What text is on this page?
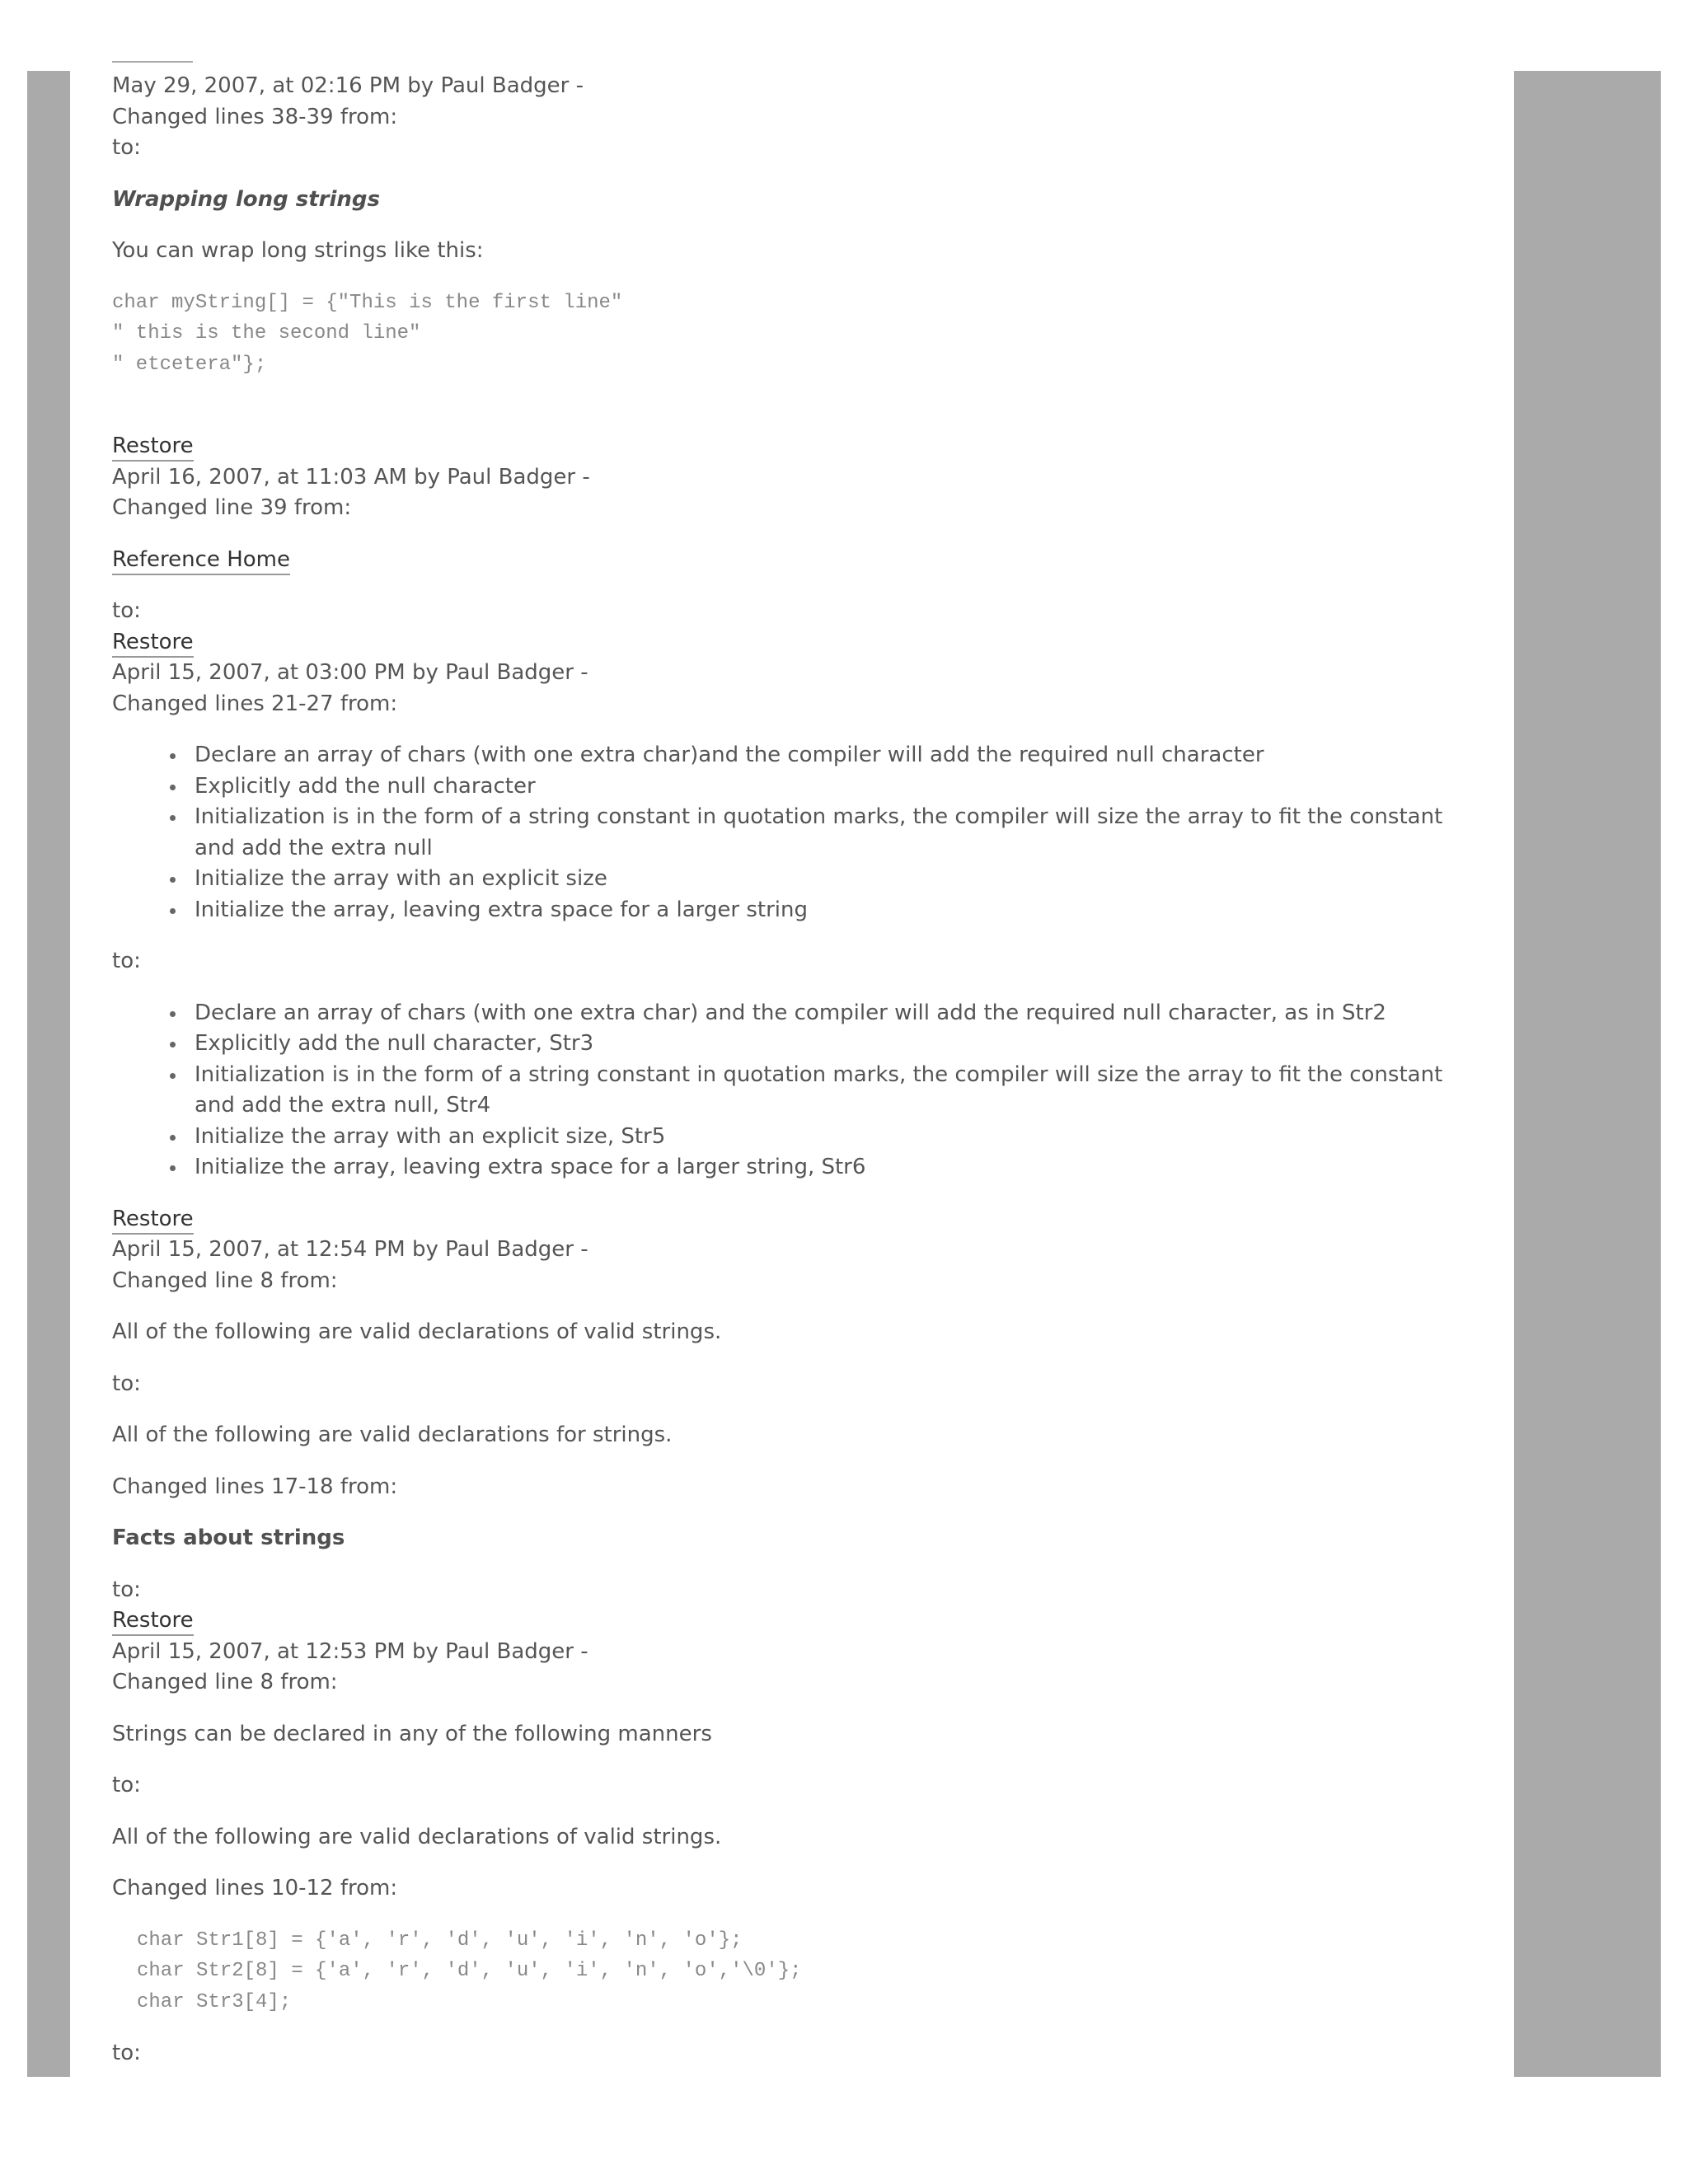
May 29, 2007, at 02:16 PM by Paul Badger -
Changed lines 38-39 from:
to:
Wrapping long strings
You can wrap long strings like this:
char myString[] = {"This is the first line"
" this is the second line"
" etcetera"};
Restore
April 16, 2007, at 11:03 AM by Paul Badger -
Changed line 39 from:
Reference Home
to:
Restore
April 15, 2007, at 03:00 PM by Paul Badger -
Changed lines 21-27 from:
Declare an array of chars (with one extra char)and the compiler will add the required null character
Explicitly add the null character
Initialization is in the form of a string constant in quotation marks, the compiler will size the array to fit the constant and add the extra null
Initialize the array with an explicit size
Initialize the array, leaving extra space for a larger string
to:
Declare an array of chars (with one extra char) and the compiler will add the required null character, as in Str2
Explicitly add the null character, Str3
Initialization is in the form of a string constant in quotation marks, the compiler will size the array to fit the constant and add the extra null, Str4
Initialize the array with an explicit size, Str5
Initialize the array, leaving extra space for a larger string, Str6
Restore
April 15, 2007, at 12:54 PM by Paul Badger -
Changed line 8 from:
All of the following are valid declarations of valid strings.
to:
All of the following are valid declarations for strings.
Changed lines 17-18 from:
Facts about strings
to:
Restore
April 15, 2007, at 12:53 PM by Paul Badger -
Changed line 8 from:
Strings can be declared in any of the following manners
to:
All of the following are valid declarations of valid strings.
Changed lines 10-12 from:
char Str1[8] = {'a', 'r', 'd', 'u', 'i', 'n', 'o'};
char Str2[8] = {'a', 'r', 'd', 'u', 'i', 'n', 'o','\0'};
char Str3[4];
to:
